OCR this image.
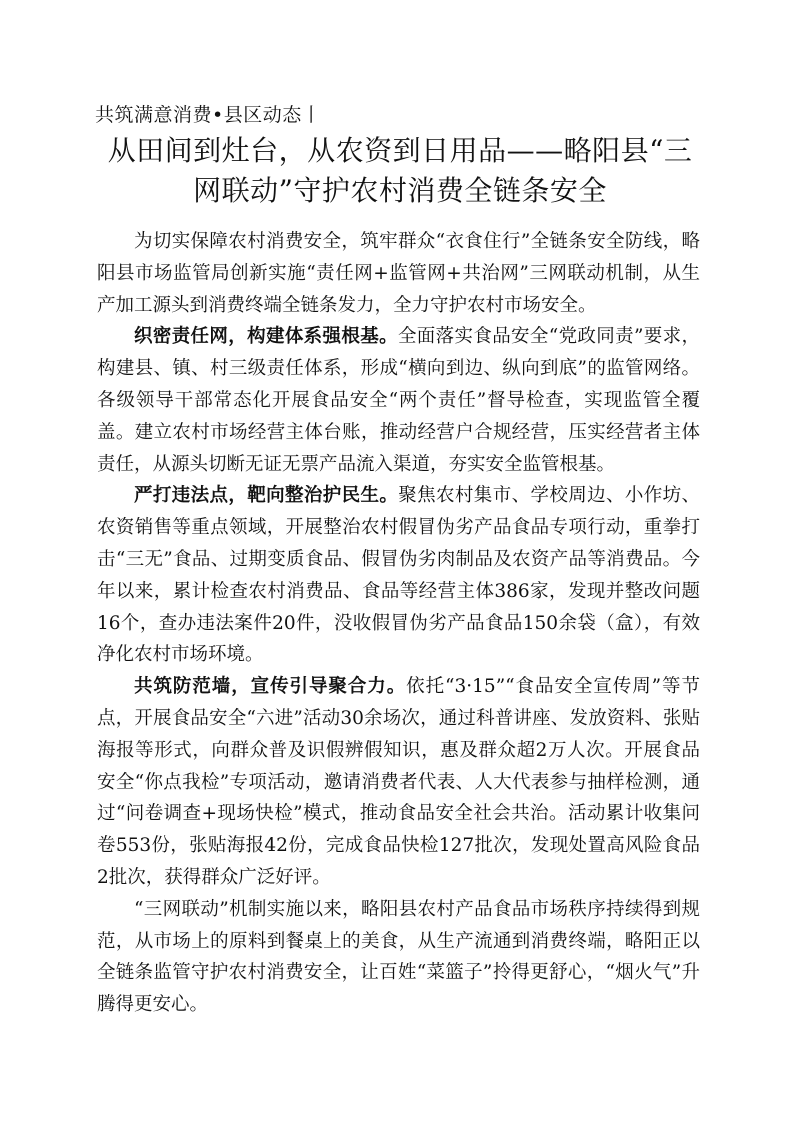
共筑满意消费•县区动态丨
从田间到灶台，从农资到日用品——略阳县“三
网联动”守护农村消费全链条安全

为切实保障农村消费安全，筑牢群众“衣食住行”全链条安全防线，略阳县市场监管局创新实施“责任网+监管网+共治网”三网联动机制，从生产加工源头到消费终端全链条发力，全力守护农村市场安全。

织密责任网，构建体系强根基。全面落实食品安全“党政同责”要求，构建县、镇、村三级责任体系，形成“横向到边、纵向到底”的监管网络。各级领导干部常态化开展食品安全“两个责任”督导检查，实现监管全覆盖。建立农村市场经营主体台账，推动经营户合规经营，压实经营者主体责任，从源头切断无证无票产品流入渠道，夯实安全监管根基。

严打违法点，靶向整治护民生。聚焦农村集市、学校周边、小作坊、农资销售等重点领域，开展整治农村假冒伪劣产品食品专项行动，重拳打击“三无”食品、过期变质食品、假冒伪劣肉制品及农资产品等消费品。今年以来，累计检查农村消费品、食品等经营主体386家，发现并整改问题16个，查办违法案件20件，没收假冒伪劣产品食品150余袋（盒），有效净化农村市场环境。

共筑防范墙，宣传引导聚合力。依托“3·15”“食品安全宣传周”等节点，开展食品安全“六进”活动30余场次，通过科普讲座、发放资料、张贴海报等形式，向群众普及识假辨假知识，惠及群众超2万人次。开展食品安全“你点我检”专项活动，邀请消费者代表、人大代表参与抽样检测，通过“问卷调查+现场快检”模式，推动食品安全社会共治。活动累计收集问卷553份，张贴海报42份，完成食品快检127批次，发现处置高风险食品2批次，获得群众广泛好评。

“三网联动”机制实施以来，略阳县农村产品食品市场秩序持续得到规范，从市场上的原料到餐桌上的美食，从生产流通到消费终端，略阳正以全链条监管守护农村消费安全，让百姓“菜篮子”拎得更舒心，“烟火气”升腾得更安心。
